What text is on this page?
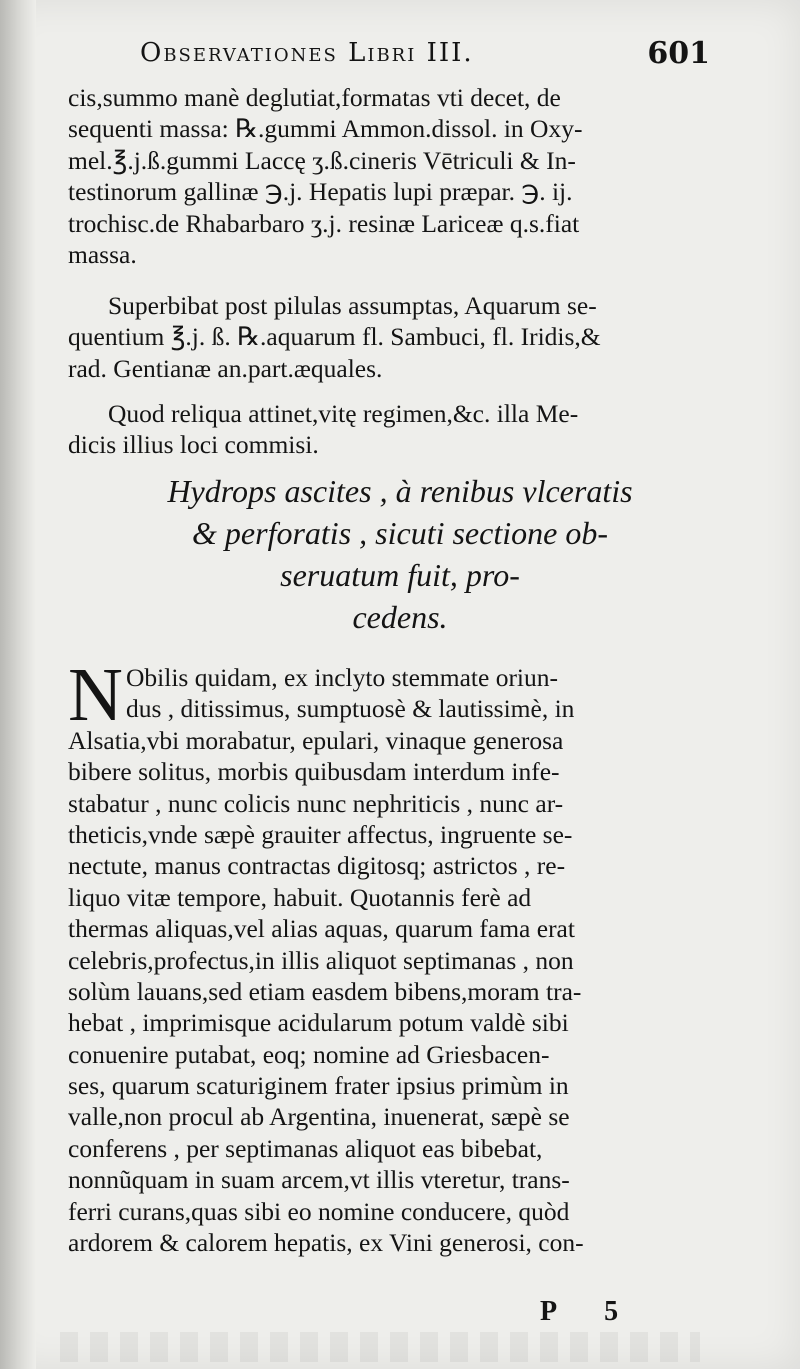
Observationes Libri III.	601
cis,summo manè deglutiat,formatas vti decet, de
sequenti massa: ℞.gummi Ammon.dissol. in Oxy-
mel.℥.j.ß.gummi Laccę ʒ.ß.cineris Vētriculi & In-
testinorum gallinæ ℈.j. Hepatis lupi præpar. ℈. ij.
trochisc.de Rhabarbaro ʒ.j. resinæ Lariceæ q.s.fiat
massa.
Superbibat post pilulas assumptas, Aquarum se-
quentium ℥.j. ß. ℞.aquarum fl. Sambuci, fl. Iridis,&
rad. Gentianæ an.part.æquales.
Quod reliqua attinet,vitę regimen,&c. illa Me-
dicis illius loci commisi.
Hydrops ascites , à renibus vlceratis
& perforatis , sicuti sectione ob-
seruatum fuit, pro-
cedens.
N Obilis quidam, ex inclyto stemmate oriun-
dus , ditissimus, sumptuosè & lautissimè, in
Alsatia,vbi morabatur, epulari, vinaque generosa
bibere solitus, morbis quibusdam interdum infe-
stabatur , nunc colicis nunc nephriticis , nunc ar-
theticis,vnde sæpè grauiter affectus, ingruente se-
nectute, manus contractas digitosq; astrictos , re-
liquo vitæ tempore, habuit. Quotannis ferè ad
thermas aliquas,vel alias aquas, quarum fama erat
celebris,profectus,in illis aliquot septimanas , non
solùm lauans,sed etiam easdem bibens,moram tra-
hebat , imprimisque acidularum potum valdè sibi
conuenire putabat, eoq; nomine ad Griesbacen-
ses, quarum scaturiginem frater ipsius primùm in
valle,non procul ab Argentina, inuenerat, sæpè se
conferens , per septimanas aliquot eas bibebat,
nonnũquam in suam arcem,vt illis vteretur, trans-
ferri curans,quas sibi eo nomine conducere, quòd
ardorem & calorem hepatis, ex Vini generosi, con-
P 5
